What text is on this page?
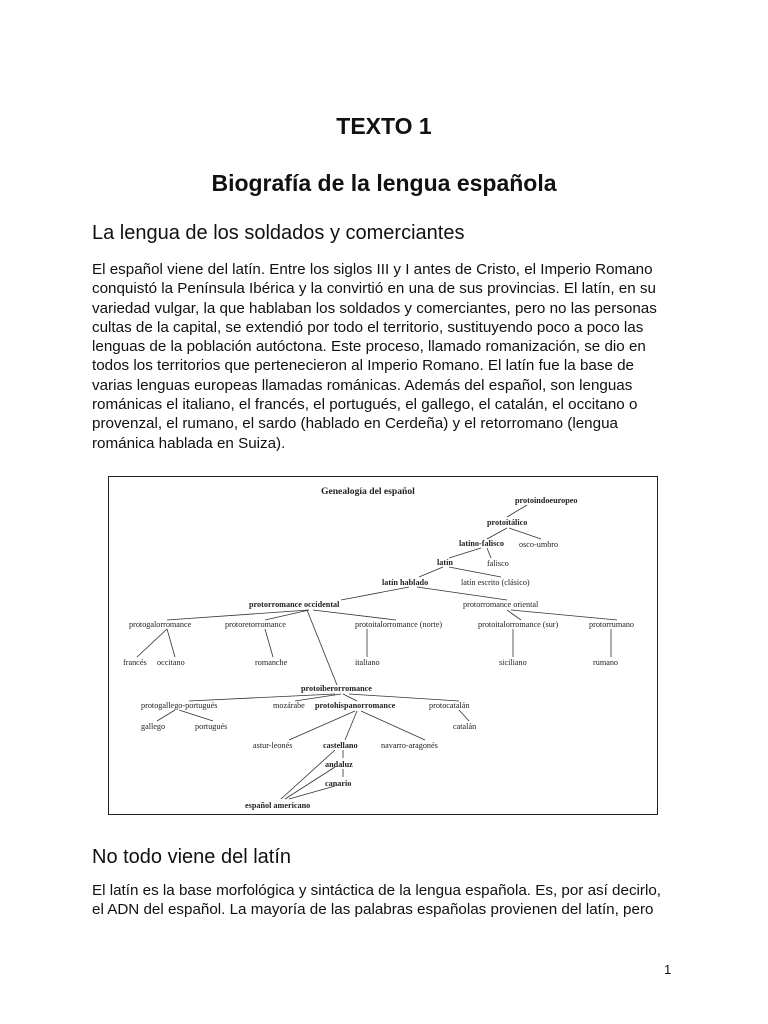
TEXTO 1
Biografía de la lengua española
La lengua de los soldados y comerciantes
El español viene del latín. Entre los siglos III y I antes de Cristo, el Imperio Romano
conquistó la Península Ibérica y la convirtió en una de sus provincias. El latín, en su
variedad vulgar, la que hablaban los soldados y comerciantes, pero no las personas
cultas de la capital, se extendió por todo el territorio, sustituyendo poco a poco las
lenguas de la población autóctona. Este proceso, llamado romanización, se dio en
todos los territorios que pertenecieron al Imperio Romano. El latín fue la base de
varias lenguas europeas llamadas románicas. Además del español, son lenguas
románicas el italiano, el francés, el portugués, el gallego, el catalán, el occitano o
provenzal, el rumano, el sardo (hablado en Cerdeña) y el retorromano (lengua
románica hablada en Suiza).
Genealogía del español
protoindoeuropeo
protoitálico
latino-falisco osco-umbro
latín	falisco
latín hablado	latín escrito (clásico)
protorromance occidental	protorromance oriental
protogalorromance	protoretorromance	protoitalorromance (norte)	protoitalorromance (sur)	protorrumano
francés occitano	romanche	italiano	siciliano	rumano
protoiberorromance
protogallego-portugués	mozárabe protohispanorromance	protocatalán
gallego	portugués	catalán
astur-leonés	castellano	navarro-aragonés
andaluz
canario
español americano
No todo viene del latín
El latín es la base morfológica y sintáctica de la lengua española. Es, por así decirlo,
el ADN del español. La mayoría de las palabras españolas provienen del latín, pero
1
